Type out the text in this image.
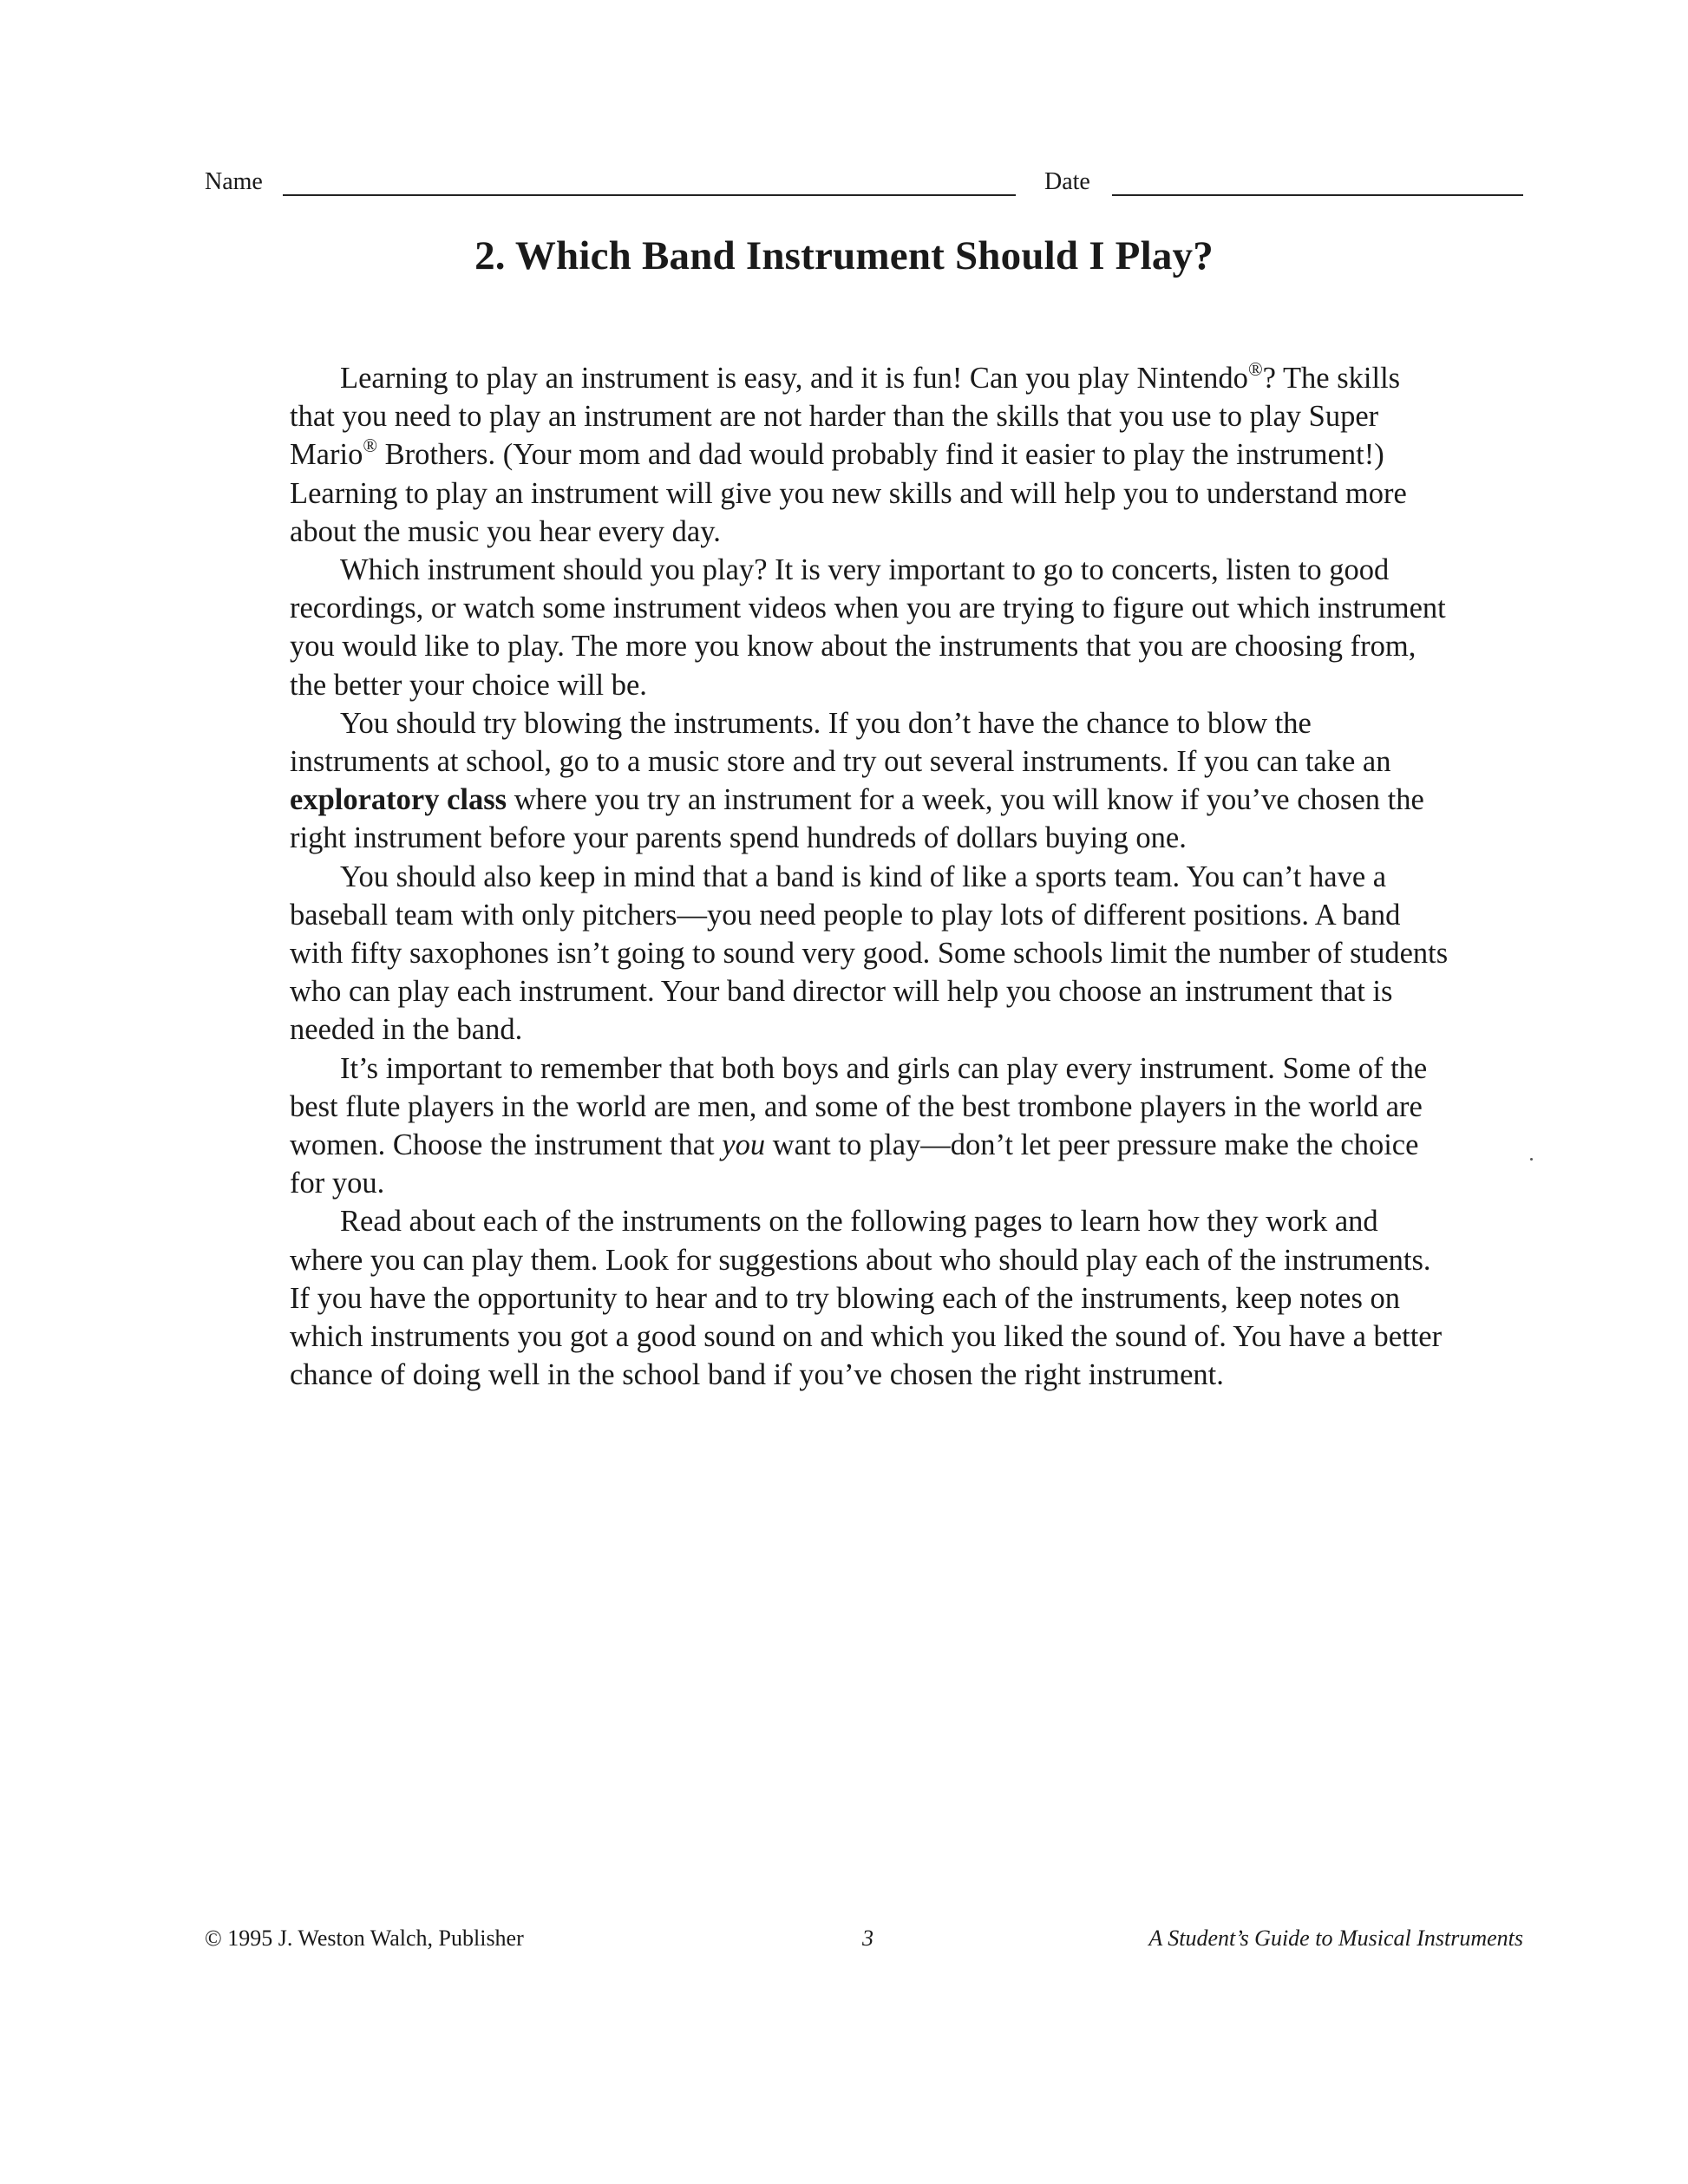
Name	Date
2. Which Band Instrument Should I Play?

Learning to play an instrument is easy, and it is fun! Can you play Nintendo®? The skills that you need to play an instrument are not harder than the skills that you use to play Super Mario® Brothers. (Your mom and dad would probably find it easier to play the instrument!) Learning to play an instrument will give you new skills and will help you to understand more about the music you hear every day.

Which instrument should you play? It is very important to go to concerts, listen to good recordings, or watch some instrument videos when you are trying to figure out which instrument you would like to play. The more you know about the instruments that you are choosing from, the better your choice will be.

You should try blowing the instruments. If you don’t have the chance to blow the instruments at school, go to a music store and try out several instruments. If you can take an exploratory class where you try an instrument for a week, you will know if you’ve chosen the right instrument before your parents spend hundreds of dollars buying one.

You should also keep in mind that a band is kind of like a sports team. You can’t have a baseball team with only pitchers—you need people to play lots of different positions. A band with fifty saxophones isn’t going to sound very good. Some schools limit the number of students who can play each instrument. Your band director will help you choose an instrument that is needed in the band.

It’s important to remember that both boys and girls can play every instrument. Some of the best flute players in the world are men, and some of the best trombone players in the world are women. Choose the instrument that you want to play—don’t let peer pressure make the choice for you.

Read about each of the instruments on the following pages to learn how they work and where you can play them. Look for suggestions about who should play each of the instruments. If you have the opportunity to hear and to try blowing each of the instruments, keep notes on which instruments you got a good sound on and which you liked the sound of. You have a better chance of doing well in the school band if you’ve chosen the right instrument.

© 1995 J. Weston Walch, Publisher	3	A Student’s Guide to Musical Instruments
